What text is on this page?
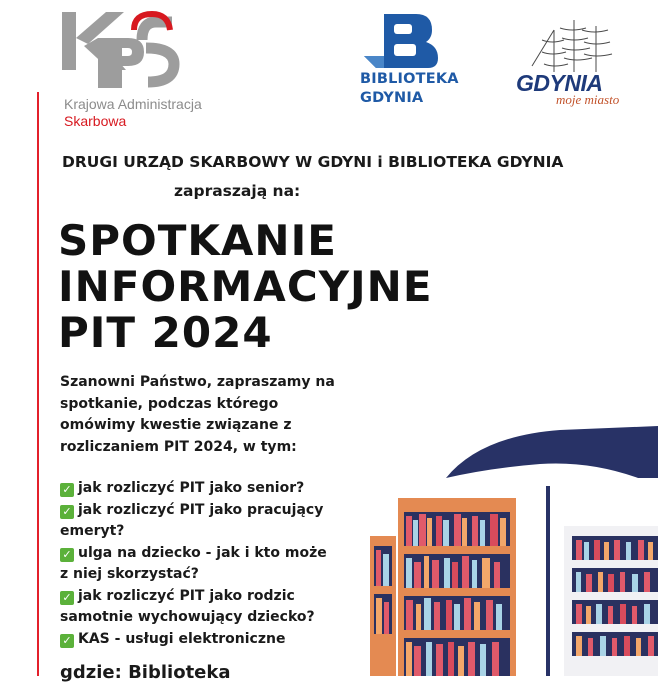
Krajowa Administracja
Skarbowa
BIBLIOTEKA
GDYNIA
GDYNIA
moje miasto
DRUGI URZĄD SKARBOWY W GDYNI i BIBLIOTEKA GDYNIA
zapraszają na:
SPOTKANIE
INFORMACYJNE
PIT 2024
Szanowni Państwo, zapraszamy na
spotkanie, podczas którego
omówimy kwestie związane z
rozliczaniem PIT 2024, w tym:
✓ jak rozliczyć PIT jako senior?
✓ jak rozliczyć PIT jako pracujący
emeryt?
✓ ulga na dziecko - jak i kto może
z niej skorzystać?
✓ jak rozliczyć PIT jako rodzic
samotnie wychowujący dziecko?
✓ KAS - usługi elektroniczne
gdzie: Biblioteka
